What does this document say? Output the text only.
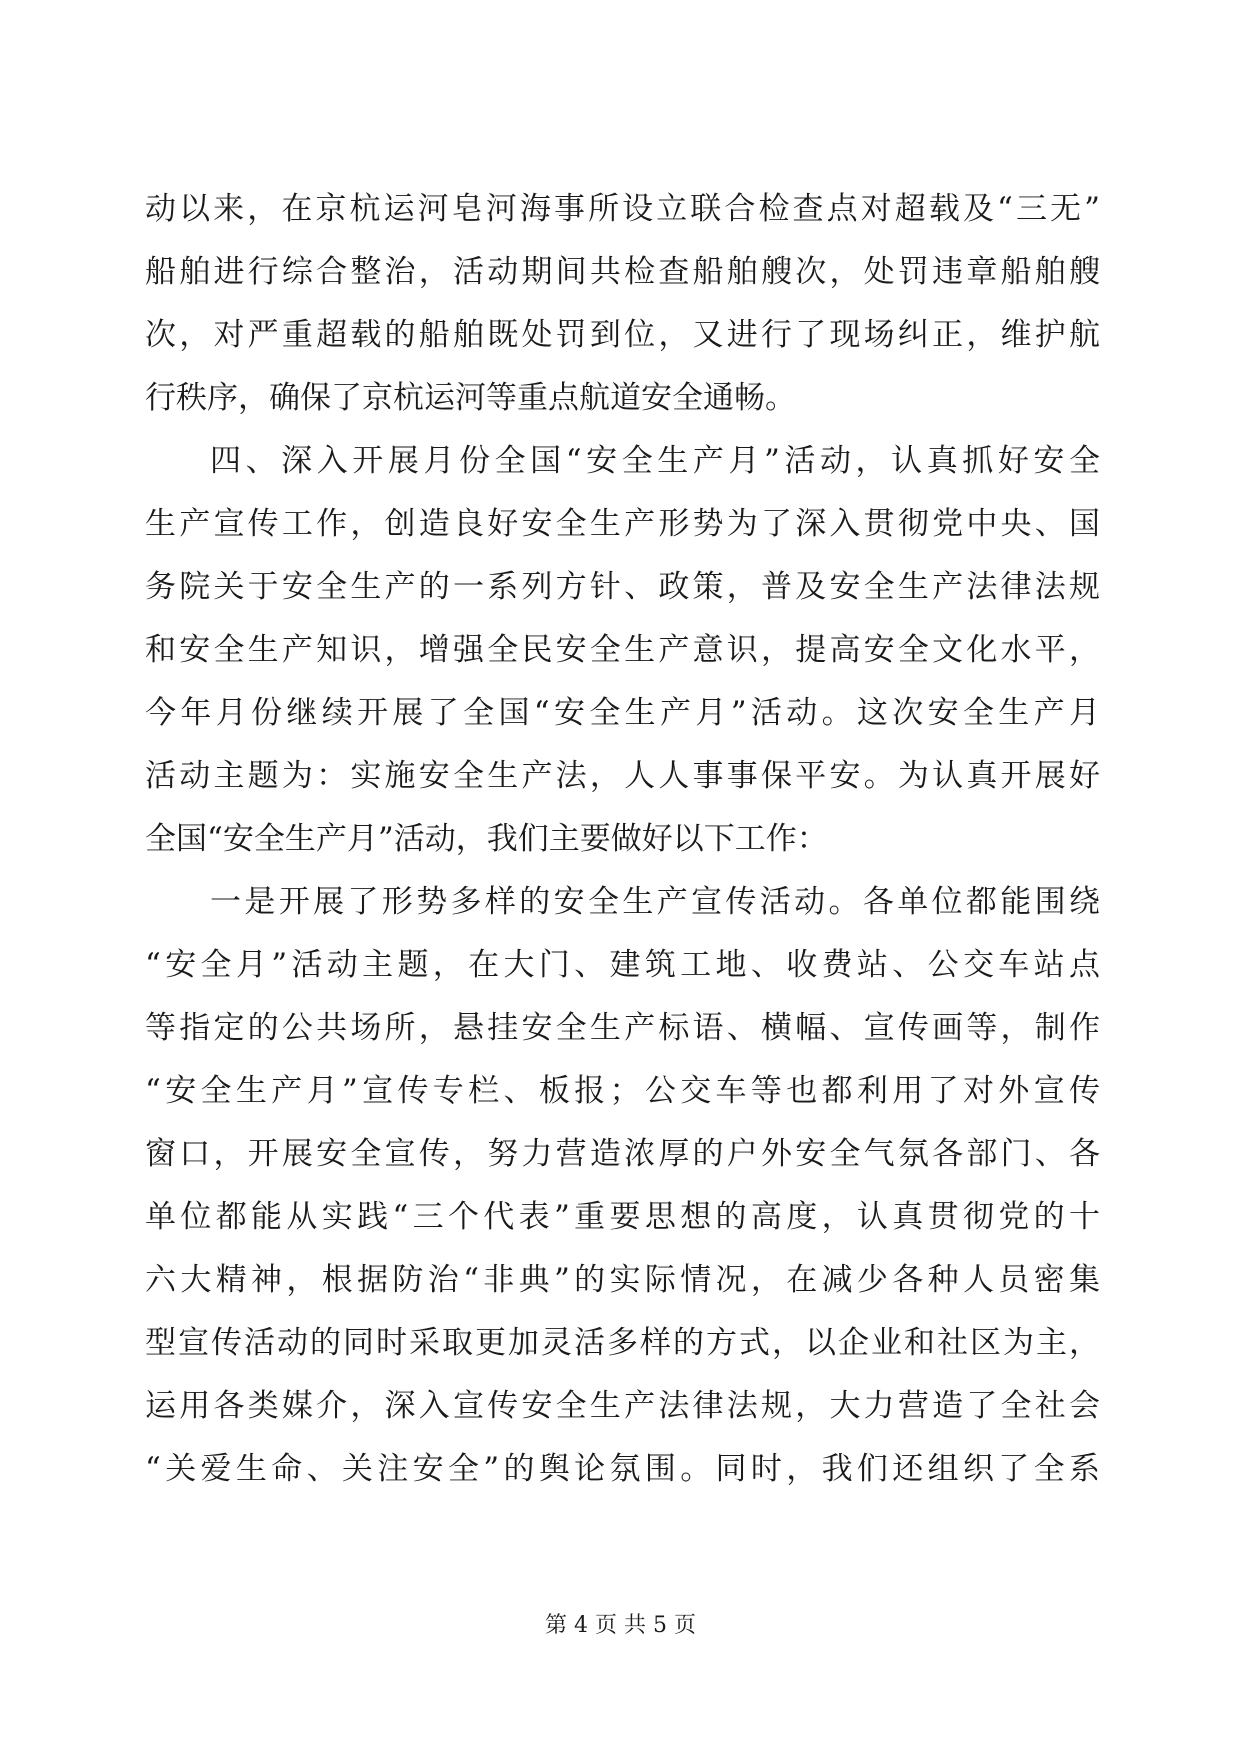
动以来，在京杭运河皂河海事所设立联合检查点对超载及“三无”
船舶进行综合整治，活动期间共检查船舶艘次，处罚违章船舶艘
次，对严重超载的船舶既处罚到位，又进行了现场纠正，维护航
行秩序，确保了京杭运河等重点航道安全通畅。
四、深入开展月份全国“安全生产月”活动，认真抓好安全
生产宣传工作，创造良好安全生产形势为了深入贯彻党中央、国
务院关于安全生产的一系列方针、政策，普及安全生产法律法规
和安全生产知识，增强全民安全生产意识，提高安全文化水平，
今年月份继续开展了全国“安全生产月”活动。这次安全生产月
活动主题为：实施安全生产法，人人事事保平安。为认真开展好
全国“安全生产月”活动，我们主要做好以下工作：
一是开展了形势多样的安全生产宣传活动。各单位都能围绕
“安全月”活动主题，在大门、建筑工地、收费站、公交车站点
等指定的公共场所，悬挂安全生产标语、横幅、宣传画等，制作
“安全生产月”宣传专栏、板报；公交车等也都利用了对外宣传
窗口，开展安全宣传，努力营造浓厚的户外安全气氛各部门、各
单位都能从实践“三个代表”重要思想的高度，认真贯彻党的十
六大精神，根据防治“非典”的实际情况，在减少各种人员密集
型宣传活动的同时采取更加灵活多样的方式，以企业和社区为主，
运用各类媒介，深入宣传安全生产法律法规，大力营造了全社会
“关爱生命、关注安全”的舆论氛围。同时，我们还组织了全系
第 4 页 共 5 页
